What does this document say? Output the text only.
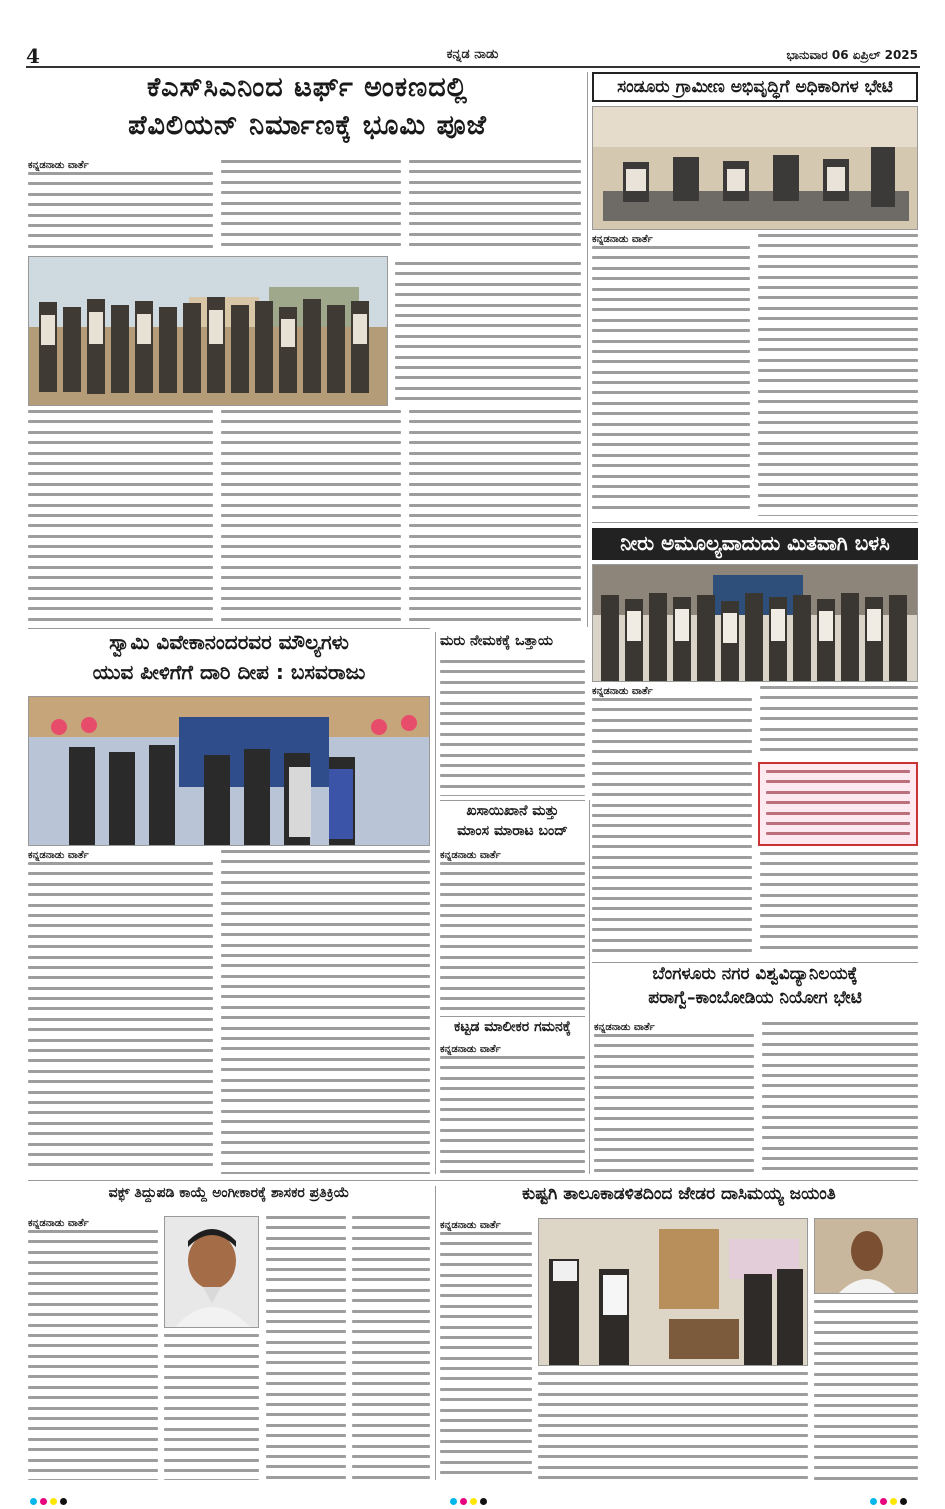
4	ಕನ್ನಡ ನಾಡು	ಭಾನುವಾರ 06 ಏಪ್ರಿಲ್ 2025
ಕೆಎಸ್‌ಸಿಎನಿಂದ ಟರ್ಫ್ ಅಂಕಣದಲ್ಲಿ
ಪೆವಿಲಿಯನ್ ನಿರ್ಮಾಣಕ್ಕೆ ಭೂಮಿ ಪೂಜೆ
ಕನ್ನಡನಾಡು ವಾರ್ತೆ
ಸಂಡೂರು ಗ್ರಾಮೀಣ ಅಭಿವೃದ್ಧಿಗೆ ಅಧಿಕಾರಿಗಳ ಭೇಟಿ
ಕನ್ನಡನಾಡು ವಾರ್ತೆ
ನೀರು ಅಮೂಲ್ಯವಾದುದು ಮಿತವಾಗಿ ಬಳಸಿ
ಕನ್ನಡನಾಡು ವಾರ್ತೆ
ಸ್ವಾಮಿ ವಿವೇಕಾನಂದರವರ ಮೌಲ್ಯಗಳು
ಯುವ ಪೀಳಿಗೆಗೆ ದಾರಿ ದೀಪ : ಬಸವರಾಜು
ಕನ್ನಡನಾಡು ವಾರ್ತೆ
ಮರು ನೇಮಕಕ್ಕೆ ಒತ್ತಾಯ
ಖಸಾಯಿಖಾನೆ ಮತ್ತು
ಮಾಂಸ ಮಾರಾಟ ಬಂದ್
ಕನ್ನಡನಾಡು ವಾರ್ತೆ
ಕಟ್ಟಡ ಮಾಲೀಕರ ಗಮನಕ್ಕೆ
ಕನ್ನಡನಾಡು ವಾರ್ತೆ
ಬೆಂಗಳೂರು ನಗರ ವಿಶ್ವವಿದ್ಯಾನಿಲಯಕ್ಕೆ
ಪರಾಗ್ವೆ–ಕಾಂಬೋಡಿಯ ನಿಯೋಗ ಭೇಟಿ
ಕನ್ನಡನಾಡು ವಾರ್ತೆ
ವಕ್ಫ್ ತಿದ್ದುಪಡಿ ಕಾಯ್ದೆ ಅಂಗೀಕಾರಕ್ಕೆ ಶಾಸಕರ ಪ್ರತಿಕ್ರಿಯೆ
ಕನ್ನಡನಾಡು ವಾರ್ತೆ
ಕುಷ್ಟಗಿ ತಾಲೂಕಾಡಳಿತದಿಂದ ಜೇಡರ ದಾಸಿಮಯ್ಯ ಜಯಂತಿ
ಕನ್ನಡನಾಡು ವಾರ್ತೆ
